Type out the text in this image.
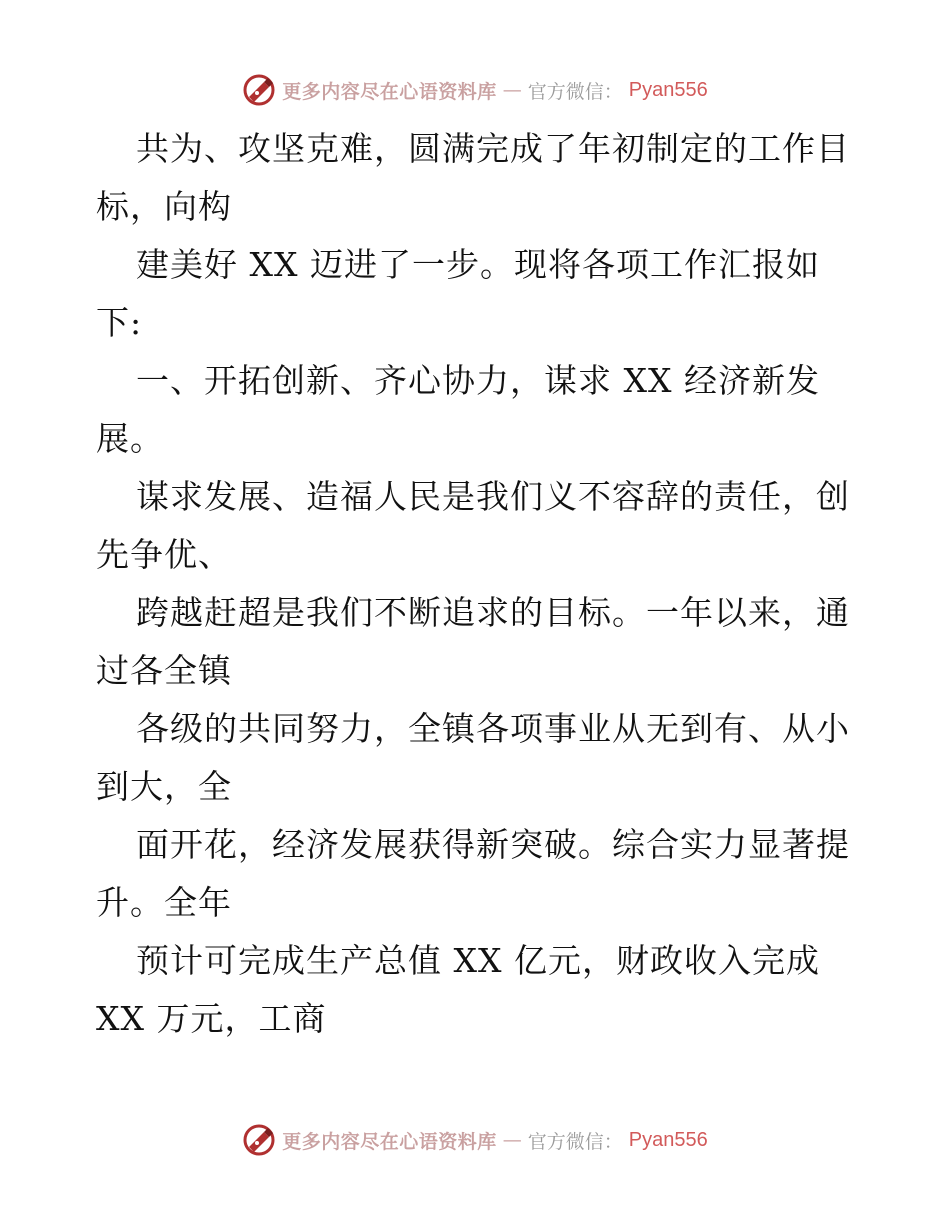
更多内容尽在心语资料库 — 官方微信： Pyan556
共为、攻坚克难，圆满完成了年初制定的工作目
标，向构
建美好 XX 迈进了一步。现将各项工作汇报如
下:
一、开拓创新、齐心协力，谋求 XX 经济新发
展。
谋求发展、造福人民是我们义不容辞的责任，创
先争优、
跨越赶超是我们不断追求的目标。一年以来，通
过各全镇
各级的共同努力，全镇各项事业从无到有、从小
到大，全
面开花，经济发展获得新突破。综合实力显著提
升。全年
预计可完成生产总值 XX 亿元，财政收入完成
XX 万元，工商
更多内容尽在心语资料库 — 官方微信： Pyan556
